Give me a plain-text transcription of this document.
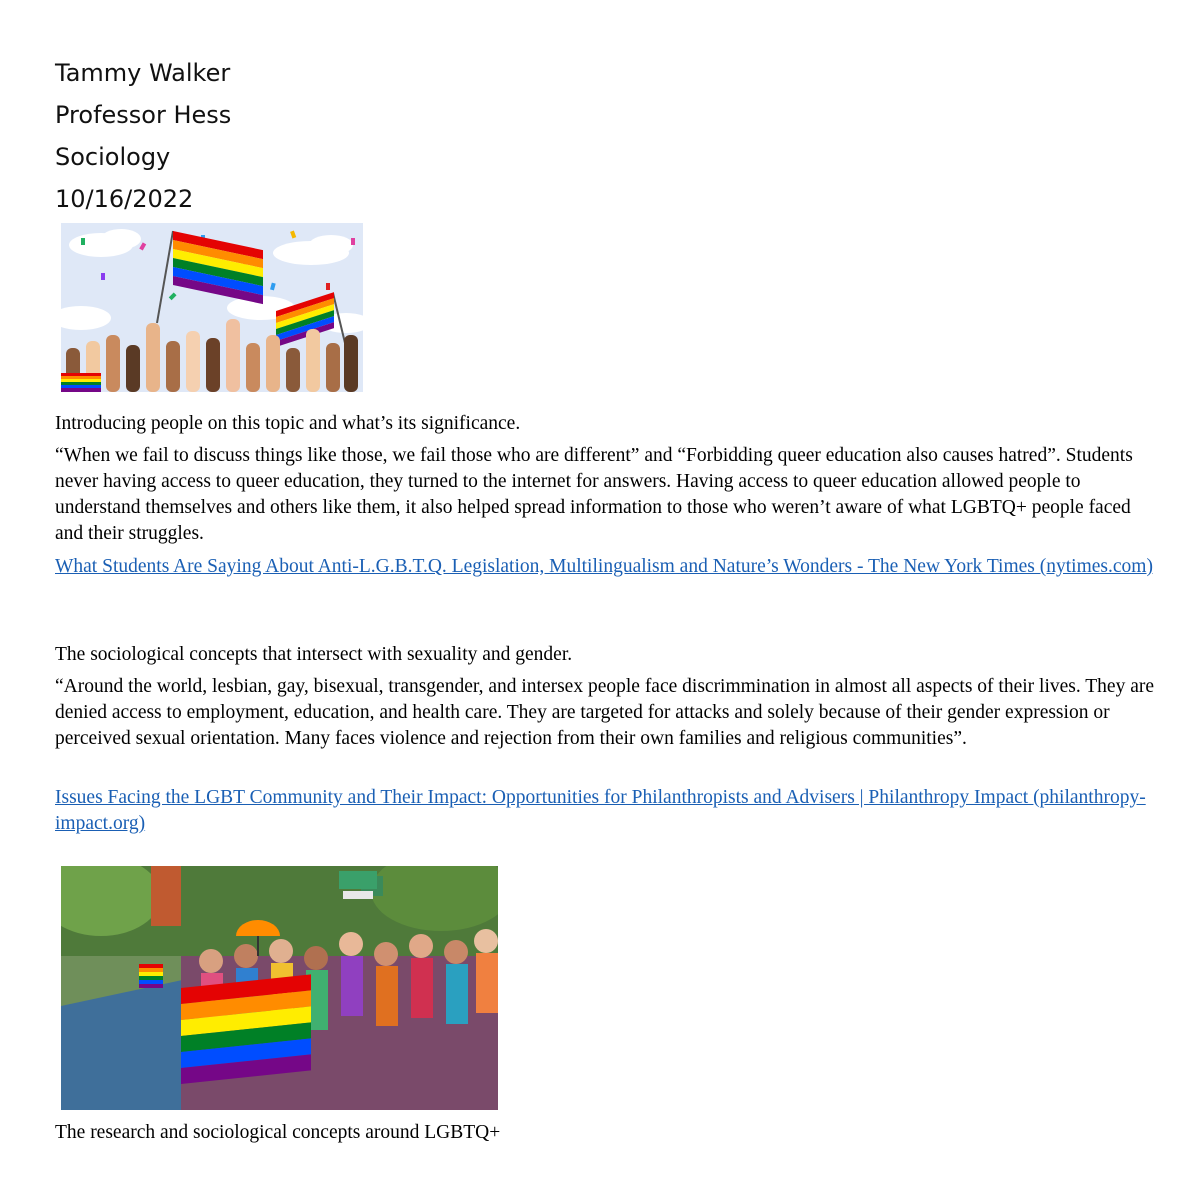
Tammy Walker
Professor Hess
Sociology
10/16/2022

Introducing people on this topic and what’s its significance.

“When we fail to discuss things like those, we fail those who are different” and “Forbidding queer education also causes hatred”. Students never having access to queer education, they turned to the internet for answers. Having access to queer education allowed people to understand themselves and others like them, it also helped spread information to those who weren’t aware of what LGBTQ+ people faced and their struggles.

What Students Are Saying About Anti-L.G.B.T.Q. Legislation, Multilingualism and Nature’s Wonders - The New York Times (nytimes.com)

The sociological concepts that intersect with sexuality and gender.

“Around the world, lesbian, gay, bisexual, transgender, and intersex people face discrimmination in almost all aspects of their lives. They are denied access to employment, education, and health care. They are targeted for attacks and solely because of their gender expression or perceived sexual orientation. Many faces violence and rejection from their own families and religious communities”.

Issues Facing the LGBT Community and Their Impact: Opportunities for Philanthropists and Advisers | Philanthropy Impact (philanthropy-impact.org)

The research and sociological concepts around LGBTQ+
